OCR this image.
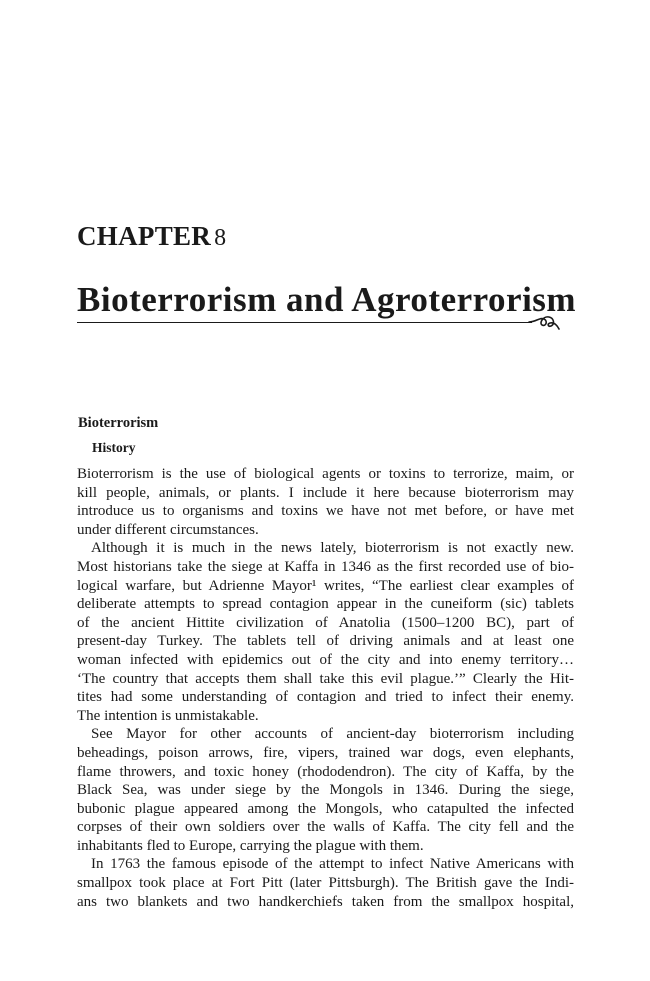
CHAPTER 8
Bioterrorism and Agroterrorism
Bioterrorism
History
Bioterrorism is the use of biological agents or toxins to terrorize, maim, or
kill people, animals, or plants. I include it here because bioterrorism may
introduce us to organisms and toxins we have not met before, or have met
under different circumstances.
Although it is much in the news lately, bioterrorism is not exactly new.
Most historians take the siege at Kaffa in 1346 as the first recorded use of bio-
logical warfare, but Adrienne Mayor¹ writes, “The earliest clear examples of
deliberate attempts to spread contagion appear in the cuneiform (sic) tablets
of the ancient Hittite civilization of Anatolia (1500–1200 BC), part of
present-day Turkey. The tablets tell of driving animals and at least one
woman infected with epidemics out of the city and into enemy territory…
‘The country that accepts them shall take this evil plague.’” Clearly the Hit-
tites had some understanding of contagion and tried to infect their enemy.
The intention is unmistakable.
See Mayor for other accounts of ancient-day bioterrorism including
beheadings, poison arrows, fire, vipers, trained war dogs, even elephants,
flame throwers, and toxic honey (rhododendron). The city of Kaffa, by the
Black Sea, was under siege by the Mongols in 1346. During the siege,
bubonic plague appeared among the Mongols, who catapulted the infected
corpses of their own soldiers over the walls of Kaffa. The city fell and the
inhabitants fled to Europe, carrying the plague with them.
In 1763 the famous episode of the attempt to infect Native Americans with
smallpox took place at Fort Pitt (later Pittsburgh). The British gave the Indi-
ans two blankets and two handkerchiefs taken from the smallpox hospital,
